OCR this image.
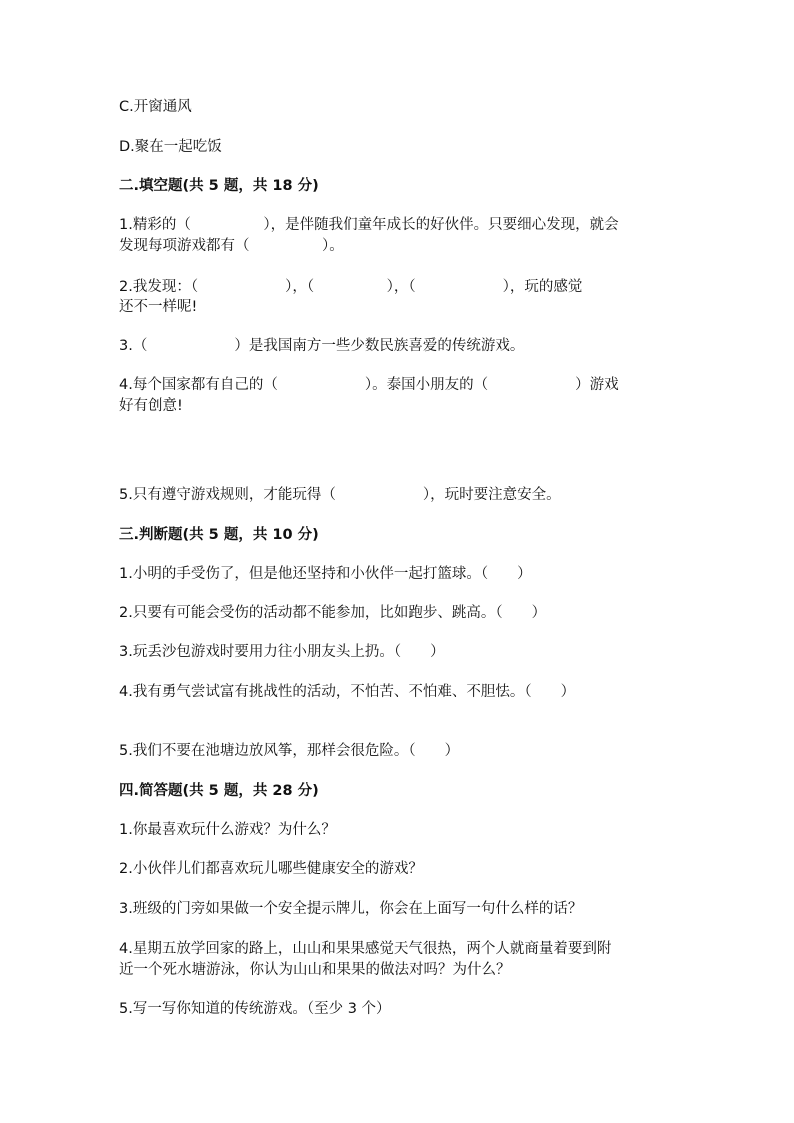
C.开窗通风

D.聚在一起吃饭

二.填空题(共 5 题，共 18 分)

1.精彩的（　　　　　），是伴随我们童年成长的好伙伴。只要细心发现，就会

发现每项游戏都有（　　　　　）。

2.我发现：（　　　　　　），（　　　　　），（　　　　　　），玩的感觉

还不一样呢!

3.（　　　　　　）是我国南方一些少数民族喜爱的传统游戏。

4.每个国家都有自己的（　　　　　　）。泰国小朋友的（　　　　　　）游戏

好有创意!

5.只有遵守游戏规则，才能玩得（　　　　　　），玩时要注意安全。

三.判断题(共 5 题，共 10 分)

1.小明的手受伤了，但是他还坚持和小伙伴一起打篮球。（　　）

2.只要有可能会受伤的活动都不能参加，比如跑步、跳高。（　　）

3.玩丢沙包游戏时要用力往小朋友头上扔。（　　）

4.我有勇气尝试富有挑战性的活动，不怕苦、不怕难、不胆怯。（　　）

5.我们不要在池塘边放风筝，那样会很危险。（　　）

四.简答题(共 5 题，共 28 分)

1.你最喜欢玩什么游戏？为什么？

2.小伙伴儿们都喜欢玩儿哪些健康安全的游戏？

3.班级的门旁如果做一个安全提示牌儿，你会在上面写一句什么样的话？

4.星期五放学回家的路上，山山和果果感觉天气很热，两个人就商量着要到附

近一个死水塘游泳，你认为山山和果果的做法对吗？为什么？

5.写一写你知道的传统游戏。（至少 3 个）
